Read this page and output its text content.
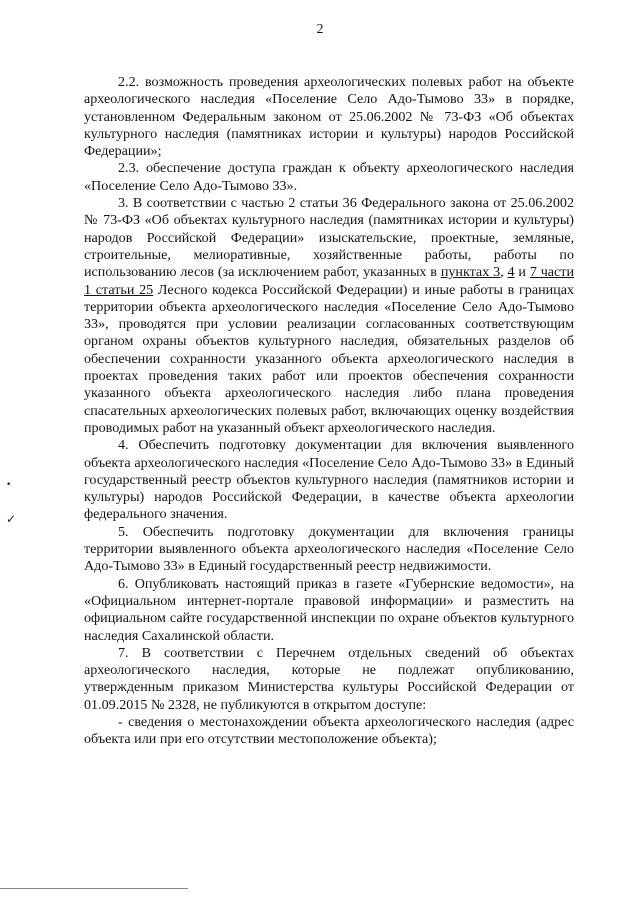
2

2.2. возможность проведения археологических полевых работ на объекте археологического наследия «Поселение Село Адо-Тымово 33» в порядке, установленном Федеральным законом от 25.06.2002 № 73-ФЗ «Об объектах культурного наследия (памятниках истории и культуры) народов Российской Федерации»;

2.3. обеспечение доступа граждан к объекту археологического наследия «Поселение Село Адо-Тымово 33».

3. В соответствии с частью 2 статьи 36 Федерального закона от 25.06.2002 № 73-ФЗ «Об объектах культурного наследия (памятниках истории и культуры) народов Российской Федерации» изыскательские, проектные, земляные, строительные, мелиоративные, хозяйственные работы, работы по использованию лесов (за исключением работ, указанных в пунктах 3, 4 и 7 части 1 статьи 25 Лесного кодекса Российской Федерации) и иные работы в границах территории объекта археологического наследия «Поселение Село Адо-Тымово 33», проводятся при условии реализации согласованных соответствующим органом охраны объектов культурного наследия, обязательных разделов об обеспечении сохранности указанного объекта археологического наследия в проектах проведения таких работ или проектов обеспечения сохранности указанного объекта археологического наследия либо плана проведения спасательных археологических полевых работ, включающих оценку воздействия проводимых работ на указанный объект археологического наследия.

4. Обеспечить подготовку документации для включения выявленного объекта археологического наследия «Поселение Село Адо-Тымово 33» в Единый государственный реестр объектов культурного наследия (памятников истории и культуры) народов Российской Федерации, в качестве объекта археологии федерального значения.

5. Обеспечить подготовку документации для включения границы территории выявленного объекта археологического наследия «Поселение Село Адо-Тымово 33» в Единый государственный реестр недвижимости.

6. Опубликовать настоящий приказ в газете «Губернские ведомости», на «Официальном интернет-портале правовой информации» и разместить на официальном сайте государственной инспекции по охране объектов культурного наследия Сахалинской области.

7. В соответствии с Перечнем отдельных сведений об объектах археологического наследия, которые не подлежат опубликованию, утвержденным приказом Министерства культуры Российской Федерации от 01.09.2015 № 2328, не публикуются в открытом доступе:

- сведения о местонахождении объекта археологического наследия (адрес объекта или при его отсутствии местоположение объекта);

•
✓
